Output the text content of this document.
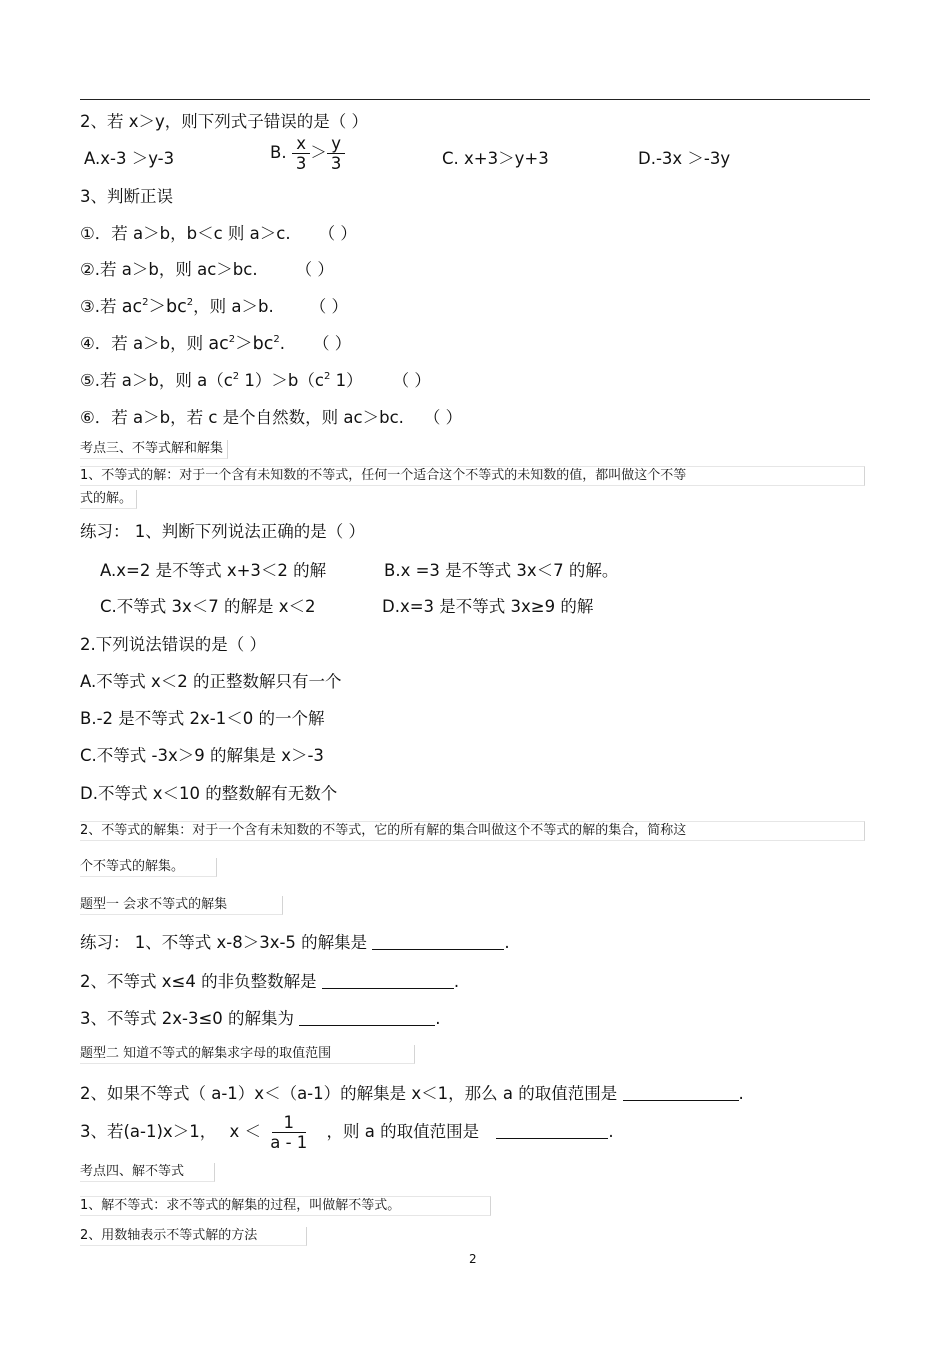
2、若 x＞y，则下列式子错误的是（ ）
A.x-3 ＞y-3	B. $\frac{x}{3} > \frac{y}{3}$	C. x+3＞y+3	D.-3x ＞-3y
3、判断正误
①．若 a＞b，b＜c 则 a＞c. （ ）
②.若 a＞b，则 ac＞bc. （ ）
③.若 $ac^2>bc^2$，则 a＞b. （ ）
④．若 a＞b，则 $ac^2>bc^2$. （ ）
⑤.若 a＞b，则 $a(c^2$ $1)>b(c^2$ 1） （ ）
⑥．若 a＞b，若 c 是个自然数，则 ac＞bc. （ ）
考点三、不等式解和解集
1、不等式的解：对于一个含有未知数的不等式，任何一个适合这个不等式的未知数的值，都叫做这个不等
式的解。
练习： 1、判断下列说法正确的是（ ）
A.x=2 是不等式 x+3＜2 的解	B.x =3 是不等式 3x＜7 的解。
C.不等式 3x＜7 的解是 x＜2	D.x=3 是不等式 3x≥9 的解
2.下列说法错误的是（ ）
A.不等式 x＜2 的正整数解只有一个
B.-2 是不等式 2x-1＜0 的一个解
C.不等式 -3x＞9 的解集是 x＞-3
D.不等式 x＜10 的整数解有无数个
2、不等式的解集：对于一个含有未知数的不等式，它的所有解的集合叫做这个不等式的解的集合，简称这
个不等式的解集。
题型一 会求不等式的解集
练习： 1、不等式 x-8＞3x-5 的解集是	.
2、不等式 x≤4 的非负整数解是	.
3、不等式 2x-3≤0 的解集为	.
题型二 知道不等式的解集求字母的取值范围
2、如果不等式（ a-1）x＜（a-1）的解集是 x＜1，那么 a 的取值范围是	.
3、若(a-1)x＞1， $x < \frac{1}{a - 1}$ ，则 a 的取值范围是	.
考点四、解不等式
1、解不等式：求不等式的解集的过程，叫做解不等式。
2、用数轴表示不等式解的方法
2
